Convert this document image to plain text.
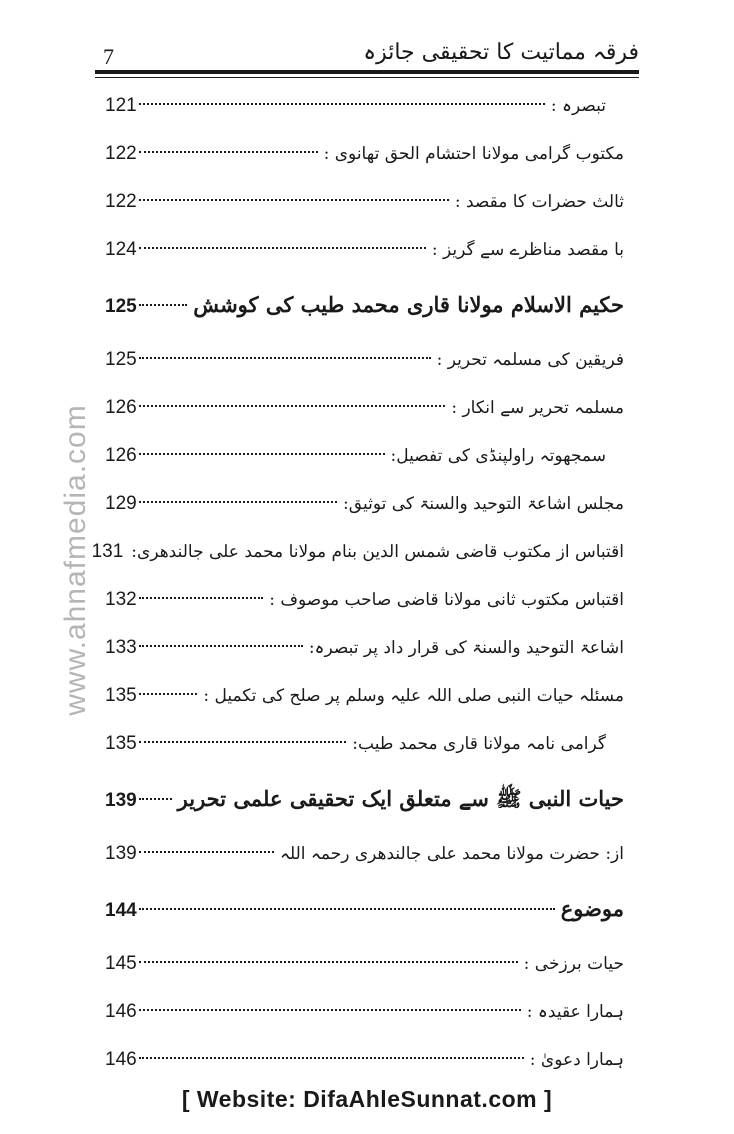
7	فرقہ مماتیت کا تحقیقی جائزہ
www.ahnafmedia.com
تبصرہ :
121
مکتوب گرامی مولانا احتشام الحق تھانوی :
122
ثالث حضرات کا مقصد :
122
با مقصد مناظرے سے گریز :
124
حکیم الاسلام مولانا قاری محمد طیب کی کوشش
125
فریقین کی مسلمہ تحریر :
125
مسلمہ تحریر سے انکار :
126
سمجھوتہ راولپنڈی کی تفصیل:
126
مجلس اشاعۃ التوحید والسنۃ کی توثیق:
129
اقتباس از مکتوب قاضی شمس الدین بنام مولانا محمد علی جالندھری:
131
اقتباس مکتوب ثانی مولانا قاضی صاحب موصوف :
132
اشاعۃ التوحید والسنۃ کی قرار داد پر تبصرہ:
133
مسئلہ حیات النبی صلی اللہ علیہ وسلم پر صلح کی تکمیل :
135
گرامی نامہ مولانا قاری محمد طیب:
135
حیات النبی ﷺ سے متعلق ایک تحقیقی علمی تحریر
139
از: حضرت مولانا محمد علی جالندھری رحمہ اللہ
139
موضوع
144
حیات برزخی :
145
ہمارا عقیدہ :
146
ہمارا دعویٰ :
146
[ Website: DifaAhleSunnat.com ]
